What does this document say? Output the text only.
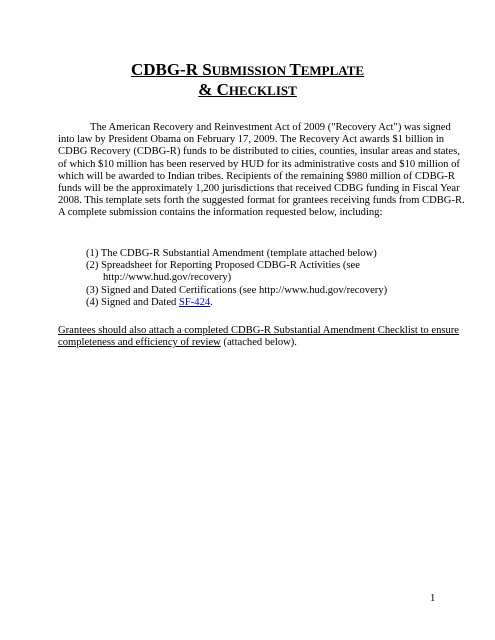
CDBG-R SUBMISSION TEMPLATE
& CHECKLIST

The American Recovery and Reinvestment Act of 2009 ("Recovery Act") was signed
into law by President Obama on February 17, 2009. The Recovery Act awards $1 billion in
CDBG Recovery (CDBG-R) funds to be distributed to cities, counties, insular areas and states,
of which $10 million has been reserved by HUD for its administrative costs and $10 million of
which will be awarded to Indian tribes. Recipients of the remaining $980 million of CDBG-R
funds will be the approximately 1,200 jurisdictions that received CDBG funding in Fiscal Year
2008. This template sets forth the suggested format for grantees receiving funds from CDBG-R.
A complete submission contains the information requested below, including:

(1) The CDBG-R Substantial Amendment (template attached below)
(2) Spreadsheet for Reporting Proposed CDBG-R Activities (see
http://www.hud.gov/recovery)
(3) Signed and Dated Certifications (see http://www.hud.gov/recovery)
(4) Signed and Dated SF-424.
Grantees should also attach a completed CDBG-R Substantial Amendment Checklist to ensure
completeness and efficiency of review (attached below).
1
